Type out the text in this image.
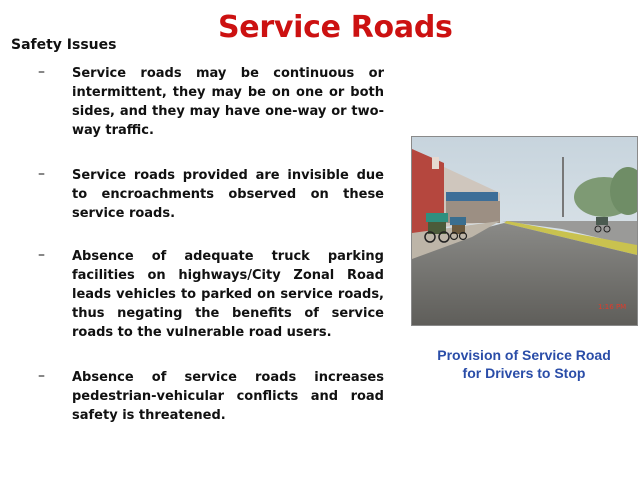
Service Roads
Safety Issues
– Service roads may be continuous or intermittent, they may be on one or both sides, and they may have one-way or two-way traffic.
– Service roads provided are invisible due to encroachments observed on these service roads.
– Absence of adequate truck parking facilities on highways/City Zonal Road leads vehicles to parked on service roads, thus negating the benefits of service roads to the vulnerable road users.
– Absence of service roads increases pedestrian-vehicular conflicts and road safety is threatened.
1:16 PM
Provision of Service Road
for Drivers to Stop
